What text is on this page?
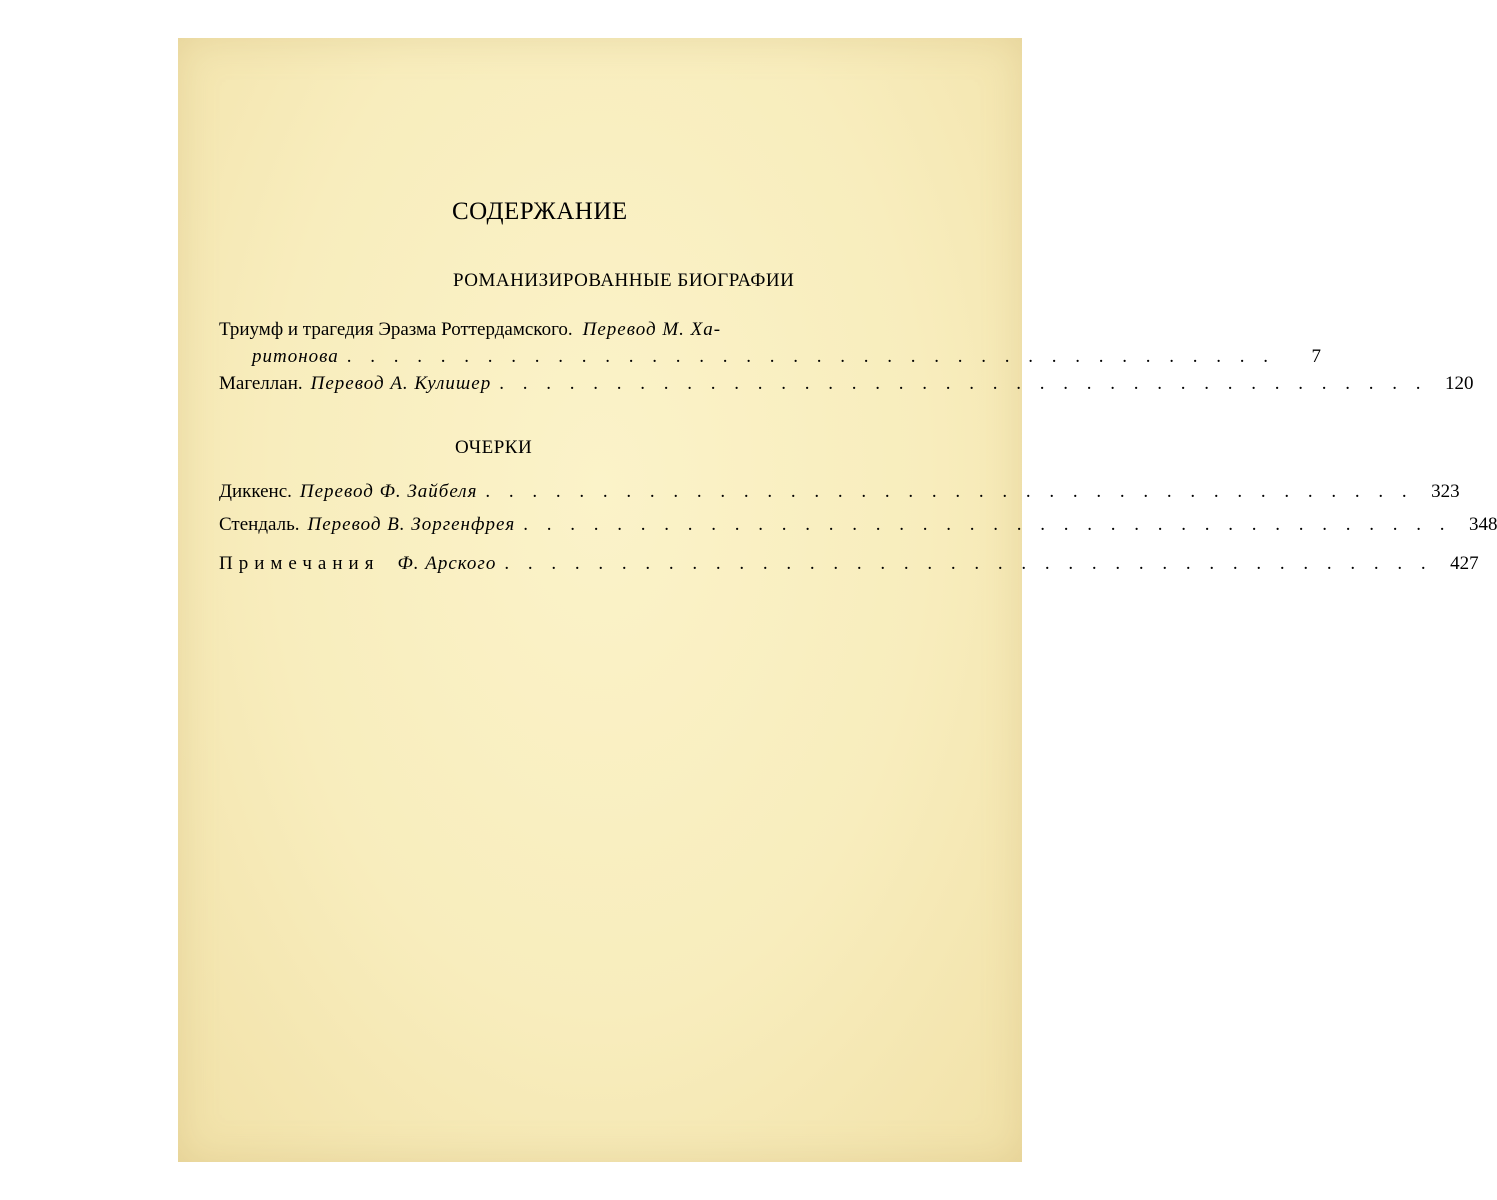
СОДЕРЖАНИЕ
РОМАНИЗИРОВАННЫЕ БИОГРАФИИ
Триумф и трагедия Эразма Роттердамского. Перевод М. Ха-
ритонова . . . . . . . . . . . . . . . . . . . . . . . . . . . . . . . . . . . . . . . .	7
Магеллан. Перевод А. Кулишер . . . . . . . . . . . . . . . . . . . . . . . . . . . . . . . . . . . . . . . . 120
ОЧЕРКИ
Диккенс. Перевод Ф. Зайбеля . . . . . . . . . . . . . . . . . . . . . . . . . . . . . . . . . . . . . . . . 323
Стендаль. Перевод В. Зоргенфрея . . . . . . . . . . . . . . . . . . . . . . . . . . . . . . . . . . . . . . . . 348
Примечания Ф. Арского . . . . . . . . . . . . . . . . . . . . . . . . . . . . . . . . . . . . . . . . 427
